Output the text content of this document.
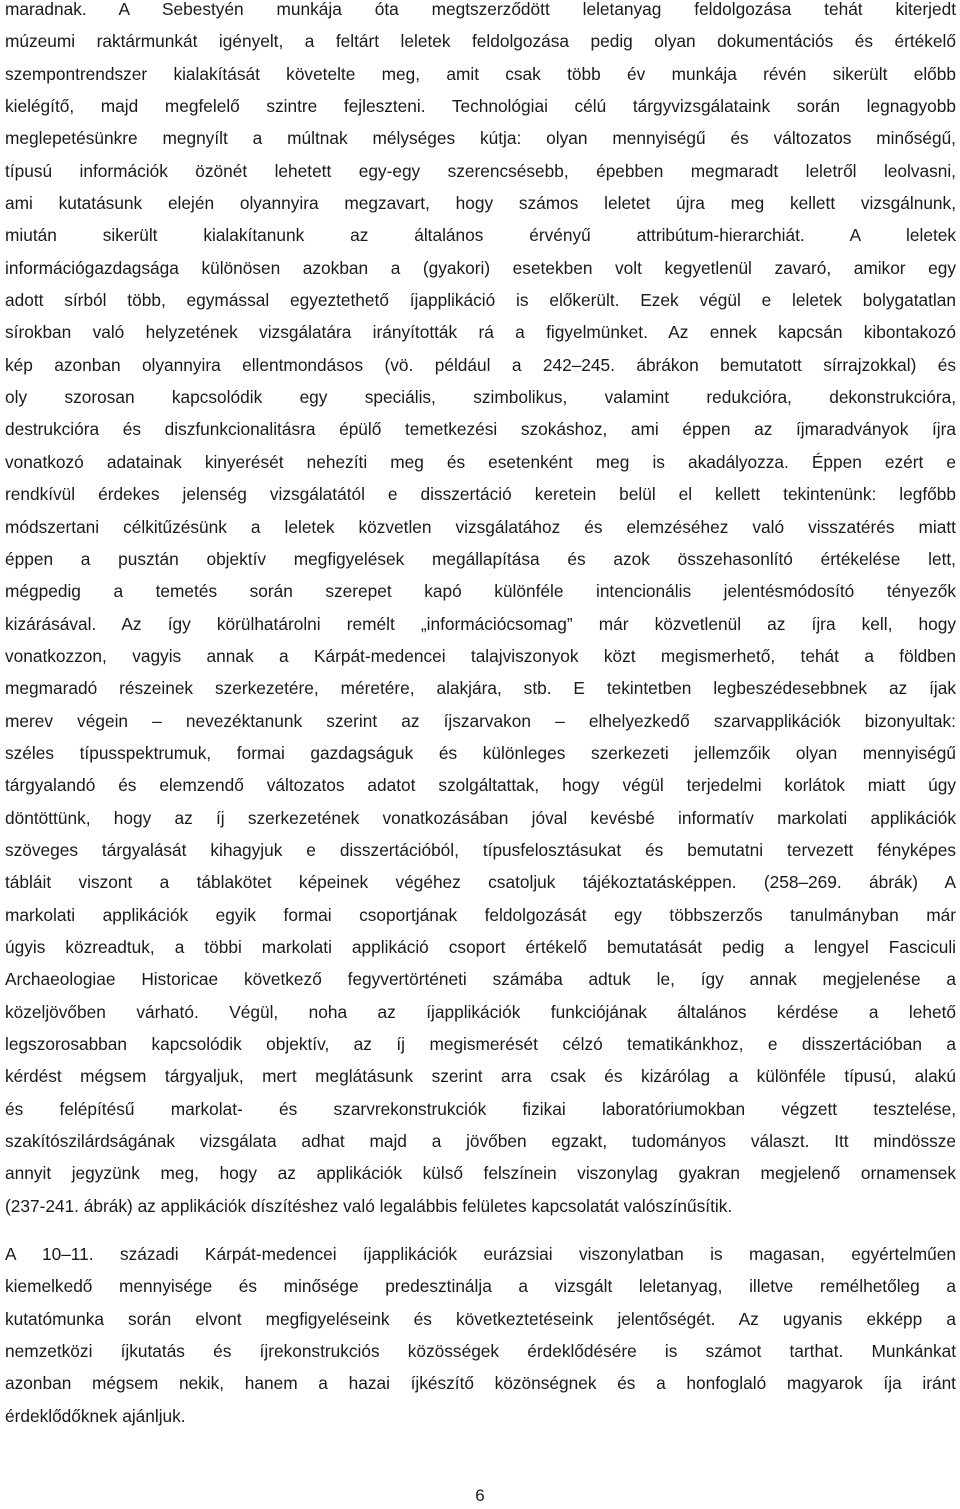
maradnak. A Sebestyén munkája óta megtszerződött leletanyag feldolgozása tehát kiterjedt
múzeumi raktármunkát igényelt, a feltárt leletek feldolgozása pedig olyan dokumentációs és értékelő
szempontrendszer kialakítását követelte meg, amit csak több év munkája révén sikerült előbb
kielégítő, majd megfelelő szintre fejleszteni. Technológiai célú tárgyvizsgálataink során legnagyobb
meglepetésünkre megnyílt a múltnak mélységes kútja: olyan mennyiségű és változatos minőségű,
típusú információk özönét lehetett egy-egy szerencsésebb, épebben megmaradt leletről leolvasni,
ami kutatásunk elején olyannyira megzavart, hogy számos leletet újra meg kellett vizsgálnunk,
miután sikerült kialakítanunk az általános érvényű attribútum-hierarchiát. A leletek
információgazdagsága különösen azokban a (gyakori) esetekben volt kegyetlenül zavaró, amikor egy
adott sírból több, egymással egyeztethető íjapplikáció is előkerült. Ezek végül e leletek bolygatatlan
sírokban való helyzetének vizsgálatára irányították rá a figyelmünket. Az ennek kapcsán kibontakozó
kép azonban olyannyira ellentmondásos (vö. például a 242–245. ábrákon bemutatott sírrajzokkal) és
oly szorosan kapcsolódik egy speciális, szimbolikus, valamint redukcióra, dekonstrukcióra,
destrukcióra és diszfunkcionalitásra épülő temetkezési szokáshoz, ami éppen az íjmaradványok íjra
vonatkozó adatainak kinyerését nehezíti meg és esetenként meg is akadályozza. Éppen ezért e
rendkívül érdekes jelenség vizsgálatától e disszertáció keretein belül el kellett tekintenünk: legfőbb
módszertani célkitűzésünk a leletek közvetlen vizsgálatához és elemzéséhez való visszatérés miatt
éppen a pusztán objektív megfigyelések megállapítása és azok összehasonlító értékelése lett,
mégpedig a temetés során szerepet kapó különféle intencionális jelentésmódosító tényezők
kizárásával. Az így körülhatárolni remélt „információcsomag” már közvetlenül az íjra kell, hogy
vonatkozzon, vagyis annak a Kárpát-medencei talajviszonyok közt megismerhető, tehát a földben
megmaradó részeinek szerkezetére, méretére, alakjára, stb. E tekintetben legbeszédesebbnek az íjak
merev végein – nevezéktanunk szerint az íjszarvakon – elhelyezkedő szarvapplikációk bizonyultak:
széles típusspektrumuk, formai gazdagságuk és különleges szerkezeti jellemzőik olyan mennyiségű
tárgyalandó és elemzendő változatos adatot szolgáltattak, hogy végül terjedelmi korlátok miatt úgy
döntöttünk, hogy az íj szerkezetének vonatkozásában jóval kevésbé informatív markolati applikációk
szöveges tárgyalását kihagyjuk e disszertációból, típusfelosztásukat és bemutatni tervezett fényképes
tábláit viszont a táblakötet képeinek végéhez csatoljuk tájékoztatásképpen. (258–269. ábrák) A
markolati applikációk egyik formai csoportjának feldolgozását egy többszerzős tanulmányban már
úgyis közreadtuk, a többi markolati applikáció csoport értékelő bemutatását pedig a lengyel Fasciculi
Archaeologiae Historicae következő fegyvertörténeti számába adtuk le, így annak megjelenése a
közeljövőben várható. Végül, noha az íjapplikációk funkciójának általános kérdése a lehető
legszorosabban kapcsolódik objektív, az íj megismerését célzó tematikánkhoz, e disszertációban a
kérdést mégsem tárgyaljuk, mert meglátásunk szerint arra csak és kizárólag a különféle típusú, alakú
és felépítésű markolat- és szarvrekonstrukciók fizikai laboratóriumokban végzett tesztelése,
szakítószilárdságának vizsgálata adhat majd a jövőben egzakt, tudományos választ. Itt mindössze
annyit jegyzünk meg, hogy az applikációk külső felszínein viszonylag gyakran megjelenő ornamensek
(237-241. ábrák) az applikációk díszítéshez való legalábbis felületes kapcsolatát valószínűsítik.
A 10–11. századi Kárpát-medencei íjapplikációk eurázsiai viszonylatban is magasan, egyértelműen
kiemelkedő mennyisége és minősége predesztinálja a vizsgált leletanyag, illetve remélhetőleg a
kutatómunka során elvont megfigyeléseink és következtetéseink jelentőségét. Az ugyanis ekképp a
nemzetközi íjkutatás és íjrekonstrukciós közösségek érdeklődésére is számot tarthat. Munkánkat
azonban mégsem nekik, hanem a hazai íjkészítő közönségnek és a honfoglaló magyarok íja iránt
érdeklődőknek ajánljuk.
6
